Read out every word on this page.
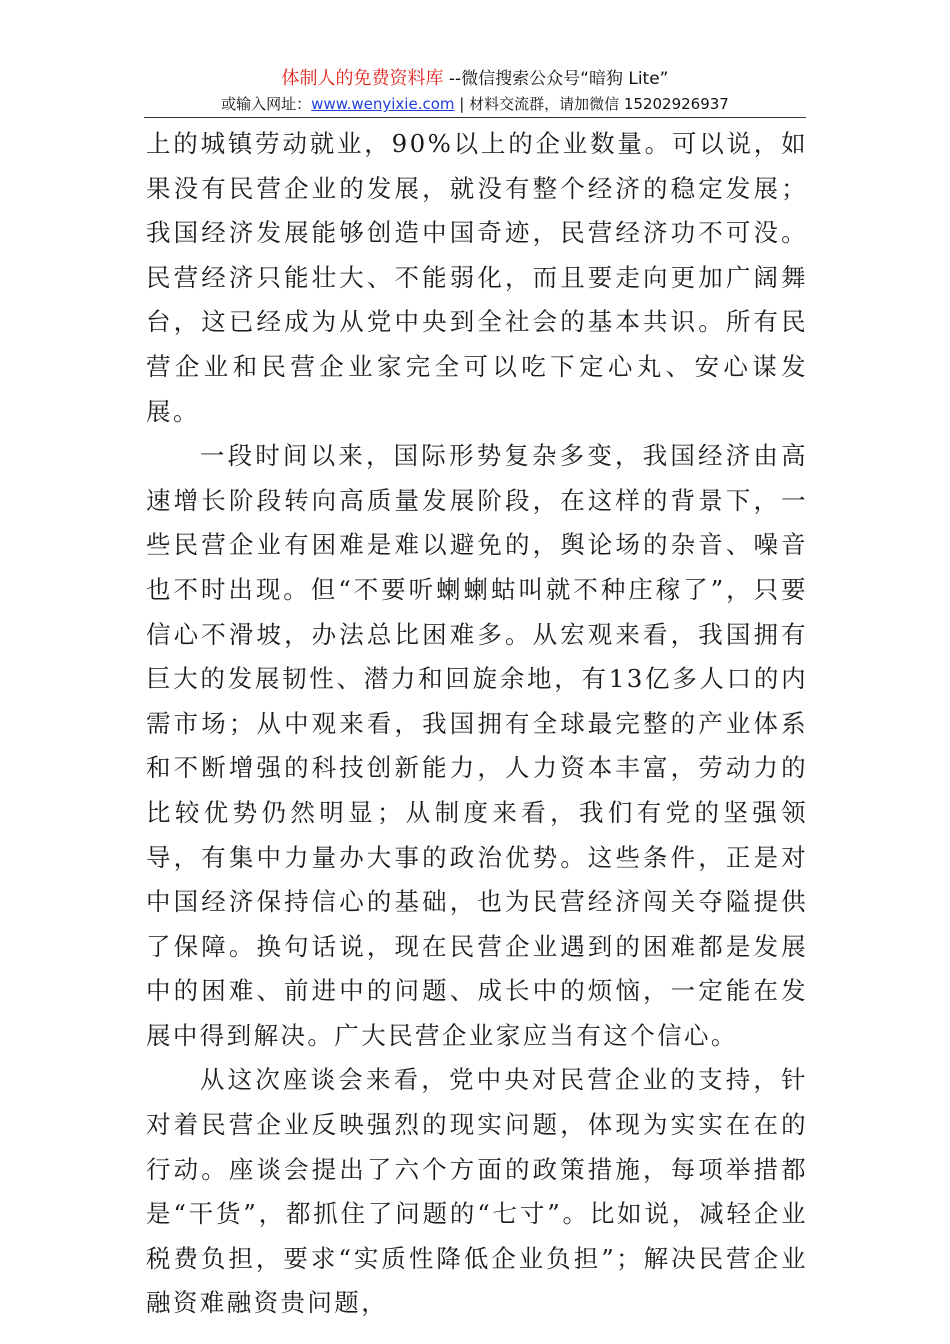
体制人的免费资料库 --微信搜索公众号“暗狗 Lite”
或输入网址：www.wenyixie.com | 材料交流群，请加微信 15202926937

上的城镇劳动就业，90%以上的企业数量。可以说，如果没有民营企业的发展，就没有整个经济的稳定发展；我国经济发展能够创造中国奇迹，民营经济功不可没。民营经济只能壮大、不能弱化，而且要走向更加广阔舞台，这已经成为从党中央到全社会的基本共识。所有民营企业和民营企业家完全可以吃下定心丸、安心谋发展。

一段时间以来，国际形势复杂多变，我国经济由高速增长阶段转向高质量发展阶段，在这样的背景下，一些民营企业有困难是难以避免的，舆论场的杂音、噪音也不时出现。但“不要听蝲蝲蛄叫就不种庄稼了”，只要信心不滑坡，办法总比困难多。从宏观来看，我国拥有巨大的发展韧性、潜力和回旋余地，有13亿多人口的内需市场；从中观来看，我国拥有全球最完整的产业体系和不断增强的科技创新能力，人力资本丰富，劳动力的比较优势仍然明显；从制度来看，我们有党的坚强领导，有集中力量办大事的政治优势。这些条件，正是对中国经济保持信心的基础，也为民营经济闯关夺隘提供了保障。换句话说，现在民营企业遇到的困难都是发展中的困难、前进中的问题、成长中的烦恼，一定能在发展中得到解决。广大民营企业家应当有这个信心。

从这次座谈会来看，党中央对民营企业的支持，针对着民营企业反映强烈的现实问题，体现为实实在在的行动。座谈会提出了六个方面的政策措施，每项举措都是“干货”，都抓住了问题的“七寸”。比如说，减轻企业税费负担，要求“实质性降低企业负担”；解决民营企业融资难融资贵问题，
